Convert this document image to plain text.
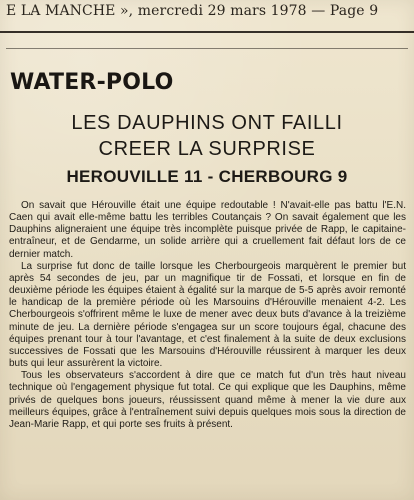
E LA MANCHE », mercredi 29 mars 1978 — Page 9
WATER-POLO
LES DAUPHINS ONT FAILLI
CREER LA SURPRISE
HEROUVILLE 11 - CHERBOURG 9

On savait que Hérouville était une équipe redoutable ! N'avait-elle pas battu l'E.N. Caen qui avait elle-même battu les terribles Coutançais ? On savait également que les Dauphins aligneraient une équipe très incomplète puisque privée de Rapp, le capitaine-entraîneur, et de Gendarme, un solide arrière qui a cruellement fait défaut lors de ce dernier match.

La surprise fut donc de taille lorsque les Cherbourgeois marquèrent le premier but après 54 secondes de jeu, par un magnifique tir de Fossati, et lorsque en fin de deuxième période les équipes étaient à égalité sur la marque de 5-5 après avoir remonté le handicap de la première période où les Marsouins d'Hérouville menaient 4-2. Les Cherbourgeois s'offrirent même le luxe de mener avec deux buts d'avance à la treizième minute de jeu. La dernière période s'engagea sur un score toujours égal, chacune des équipes prenant tour à tour l'avantage, et c'est finalement à la suite de deux exclusions successives de Fossati que les Marsouins d'Hérouville réussirent à marquer les deux buts qui leur assurèrent la victoire.

Tous les observateurs s'accordent à dire que ce match fut d'un très haut niveau technique où l'engagement physique fut total. Ce qui explique que les Dauphins, même privés de quelques bons joueurs, réussissent quand même à mener la vie dure aux meilleurs équipes, grâce à l'entraînement suivi depuis quelques mois sous la direction de Jean-Marie Rapp, et qui porte ses fruits à présent.
